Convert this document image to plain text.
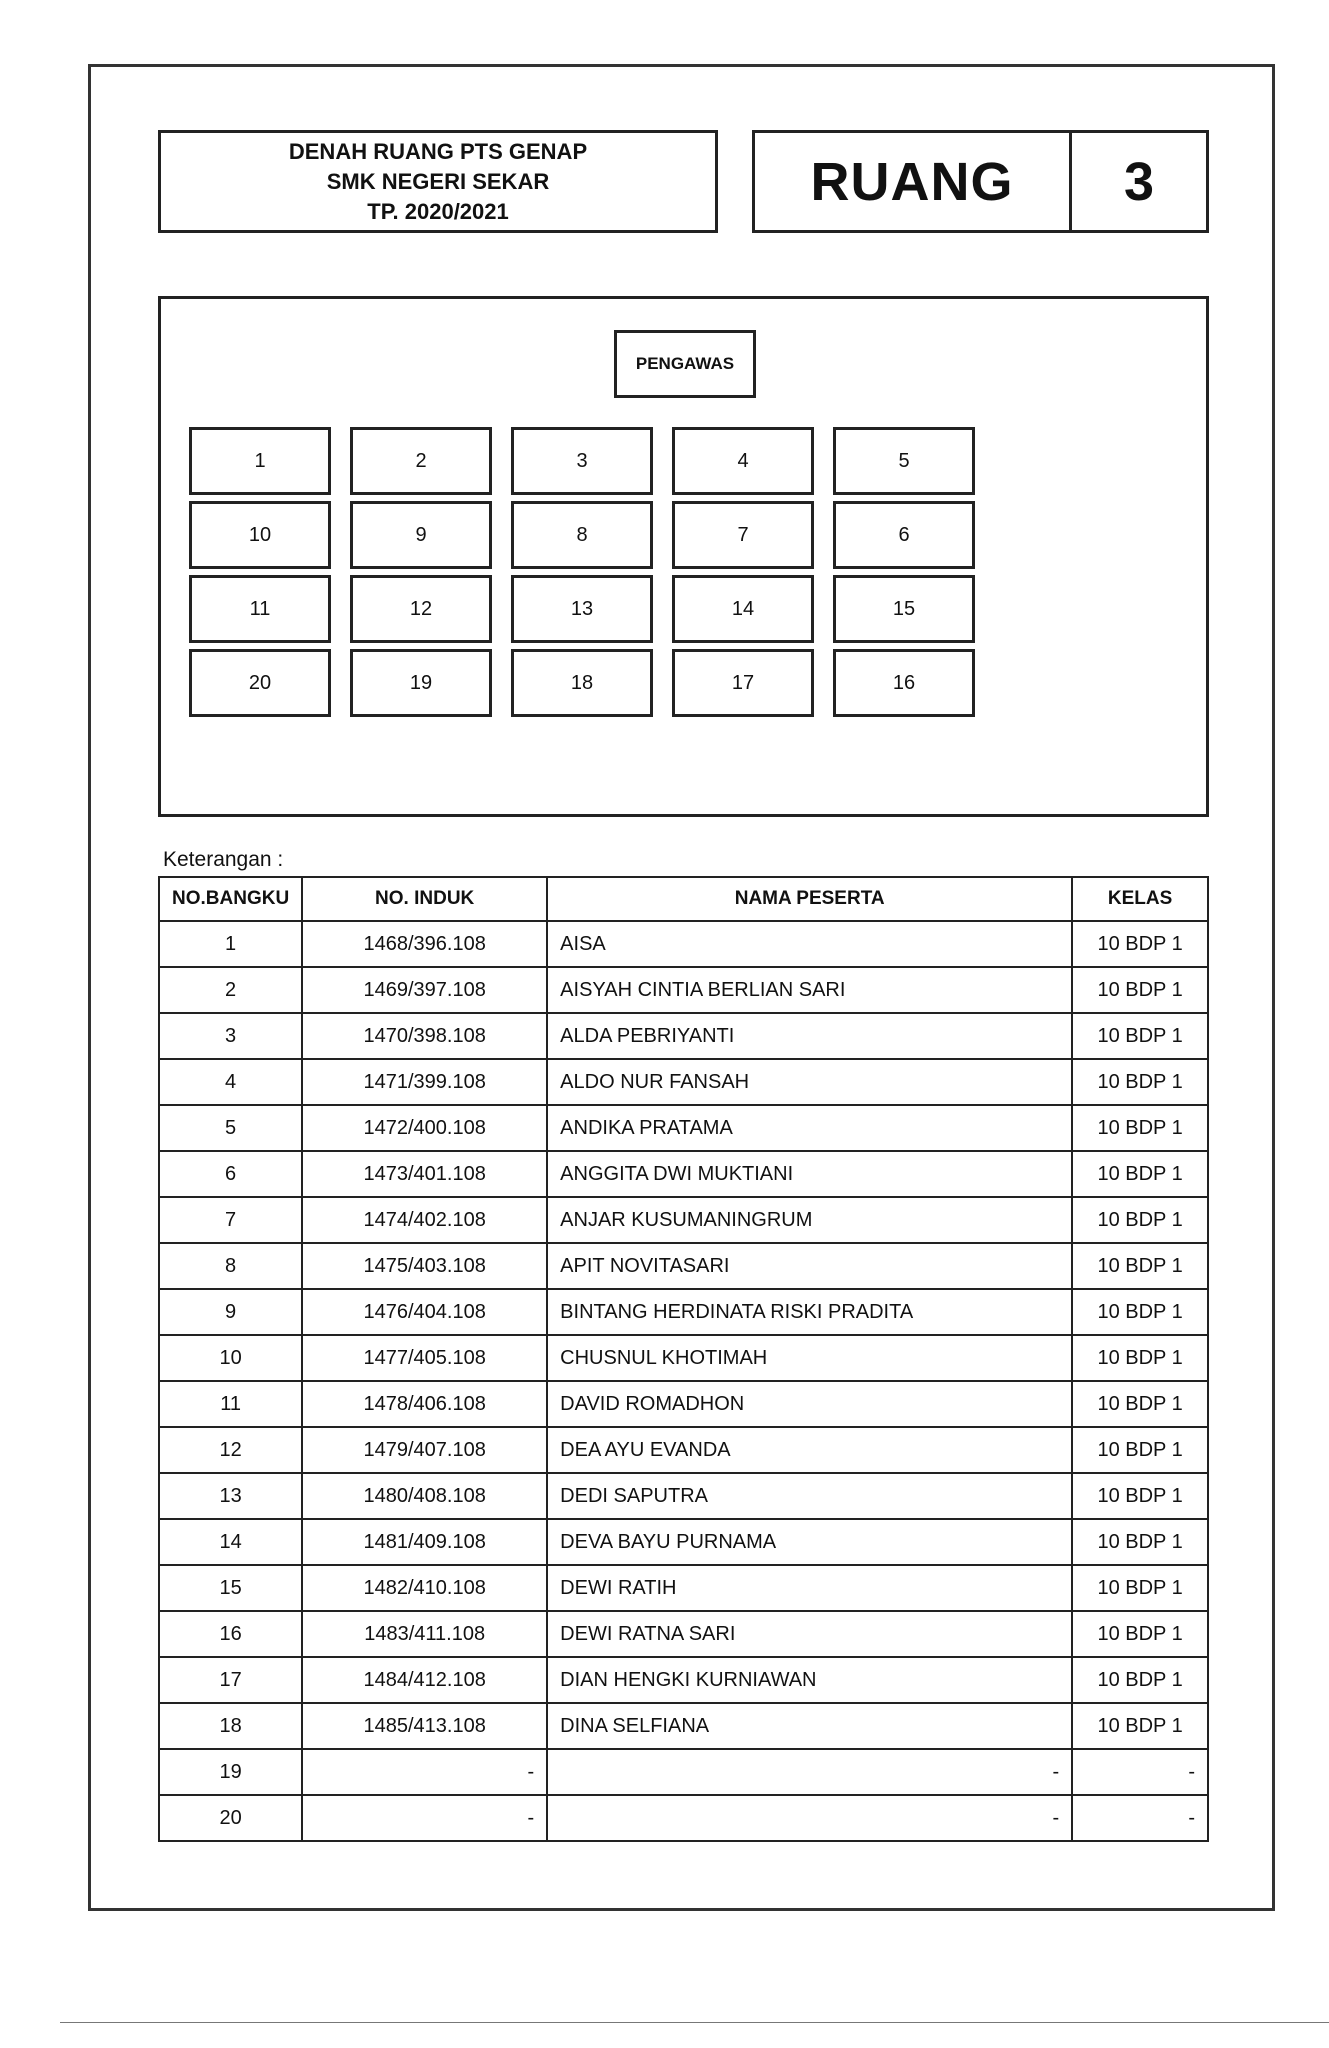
DENAH RUANG PTS GENAP
SMK NEGERI SEKAR
TP. 2020/2021	RUANG	3
PENGAWAS
1	2	3	4	5
10	9	8	7	6
11	12	13	14	15
20	19	18	17	16
Keterangan :
NO.BANGKU	NO. INDUK	NAMA PESERTA	KELAS
1	1468/396.108	AISA	10 BDP 1
2	1469/397.108	AISYAH CINTIA BERLIAN SARI	10 BDP 1
3	1470/398.108	ALDA PEBRIYANTI	10 BDP 1
4	1471/399.108	ALDO NUR FANSAH	10 BDP 1
5	1472/400.108	ANDIKA PRATAMA	10 BDP 1
6	1473/401.108	ANGGITA DWI MUKTIANI	10 BDP 1
7	1474/402.108	ANJAR KUSUMANINGRUM	10 BDP 1
8	1475/403.108	APIT NOVITASARI	10 BDP 1
9	1476/404.108	BINTANG HERDINATA RISKI PRADITA	10 BDP 1
10	1477/405.108	CHUSNUL KHOTIMAH	10 BDP 1
11	1478/406.108	DAVID ROMADHON	10 BDP 1
12	1479/407.108	DEA AYU EVANDA	10 BDP 1
13	1480/408.108	DEDI SAPUTRA	10 BDP 1
14	1481/409.108	DEVA BAYU PURNAMA	10 BDP 1
15	1482/410.108	DEWI RATIH	10 BDP 1
16	1483/411.108	DEWI RATNA SARI	10 BDP 1
17	1484/412.108	DIAN HENGKI KURNIAWAN	10 BDP 1
18	1485/413.108	DINA SELFIANA	10 BDP 1
19	-	-	-
20	-	-	-
